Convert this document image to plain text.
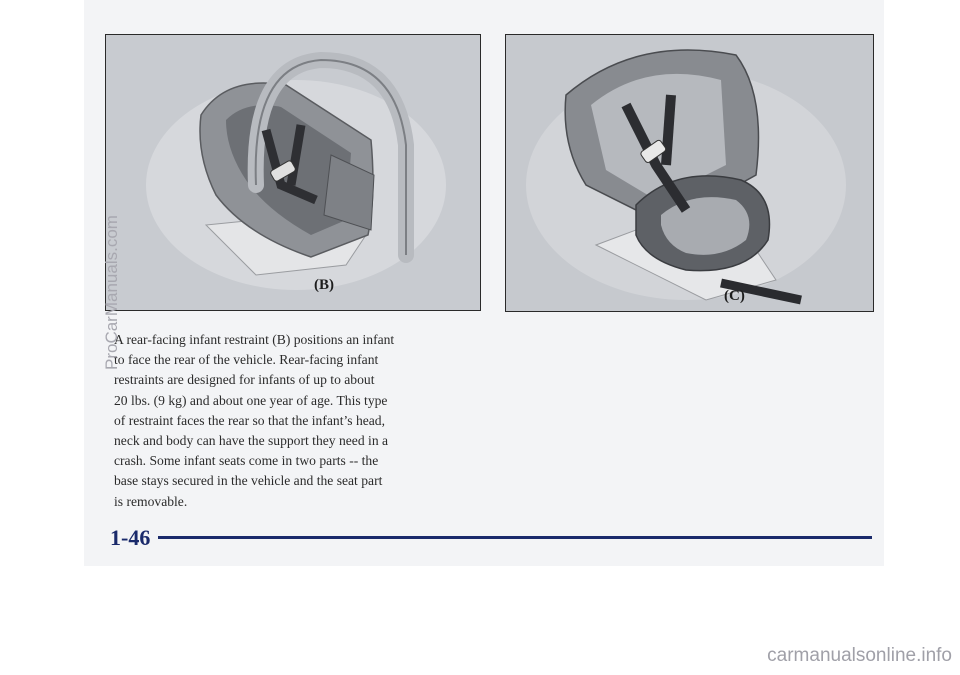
(B)
(C)
A rear-facing infant restraint (B) positions an infant
to face the rear of the vehicle. Rear-facing infant
restraints are designed for infants of up to about
20 lbs. (9 kg) and about one year of age. This type
of restraint faces the rear so that the infant’s head,
neck and body can have the support they need in a
crash. Some infant seats come in two parts -- the
base stays secured in the vehicle and the seat part
is removable.
1-46
ProCarManuals.com
carmanualsonline.info
